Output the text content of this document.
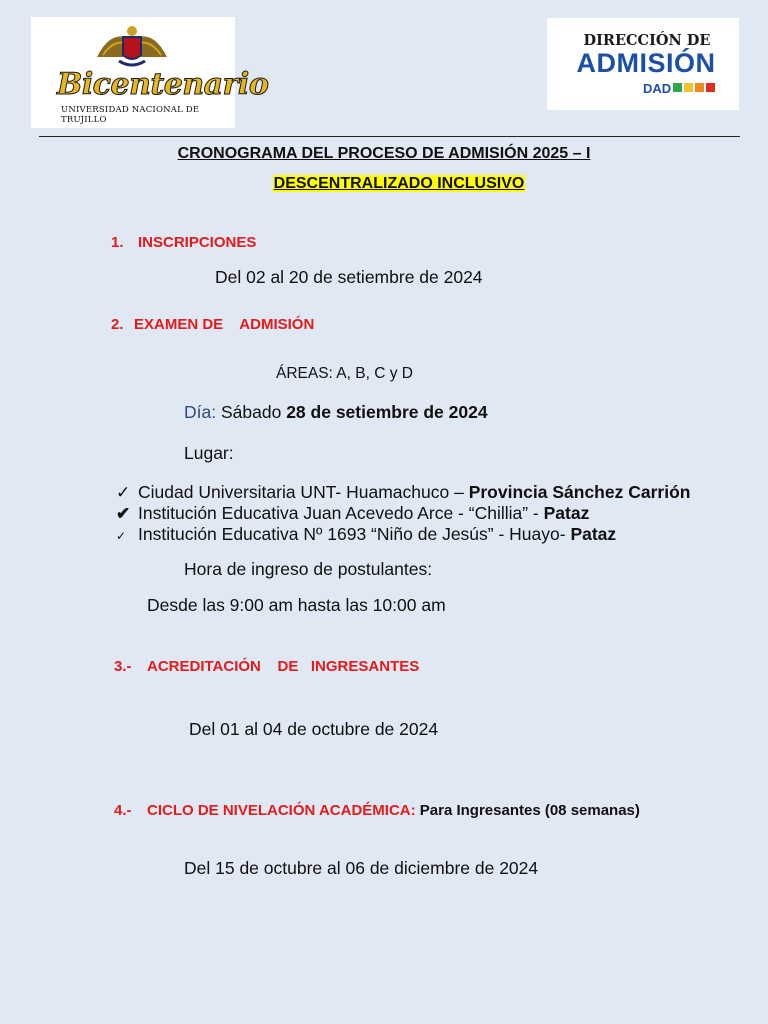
Bicentenario
UNIVERSIDAD NACIONAL DE TRUJILLO
DIRECCIÓN DE
ADMISIÓN
DAD
CRONOGRAMA DEL PROCESO DE ADMISIÓN 2025 – I
DESCENTRALIZADO INCLUSIVO
1. INSCRIPCIONES
Del 02 al 20 de setiembre de 2024
2. EXAMEN DE    ADMISIÓN
ÁREAS: A, B, C y D
Día: Sábado 28 de setiembre de 2024
Lugar:
✓ Ciudad Universitaria UNT- Huamachuco – Provincia Sánchez Carrión
✔ Institución Educativa Juan Acevedo Arce - “Chillia” - Pataz
✓ Institución Educativa Nº 1693 “Niño de Jesús” - Huayo- Pataz
Hora de ingreso de postulantes:
Desde las 9:00 am hasta las 10:00 am
3.- ACREDITACIÓN    DE   INGRESANTES
Del 01 al 04 de octubre de 2024
4.- CICLO DE NIVELACIÓN ACADÉMICA: Para Ingresantes (08 semanas)
Del 15 de octubre al 06 de diciembre de 2024
